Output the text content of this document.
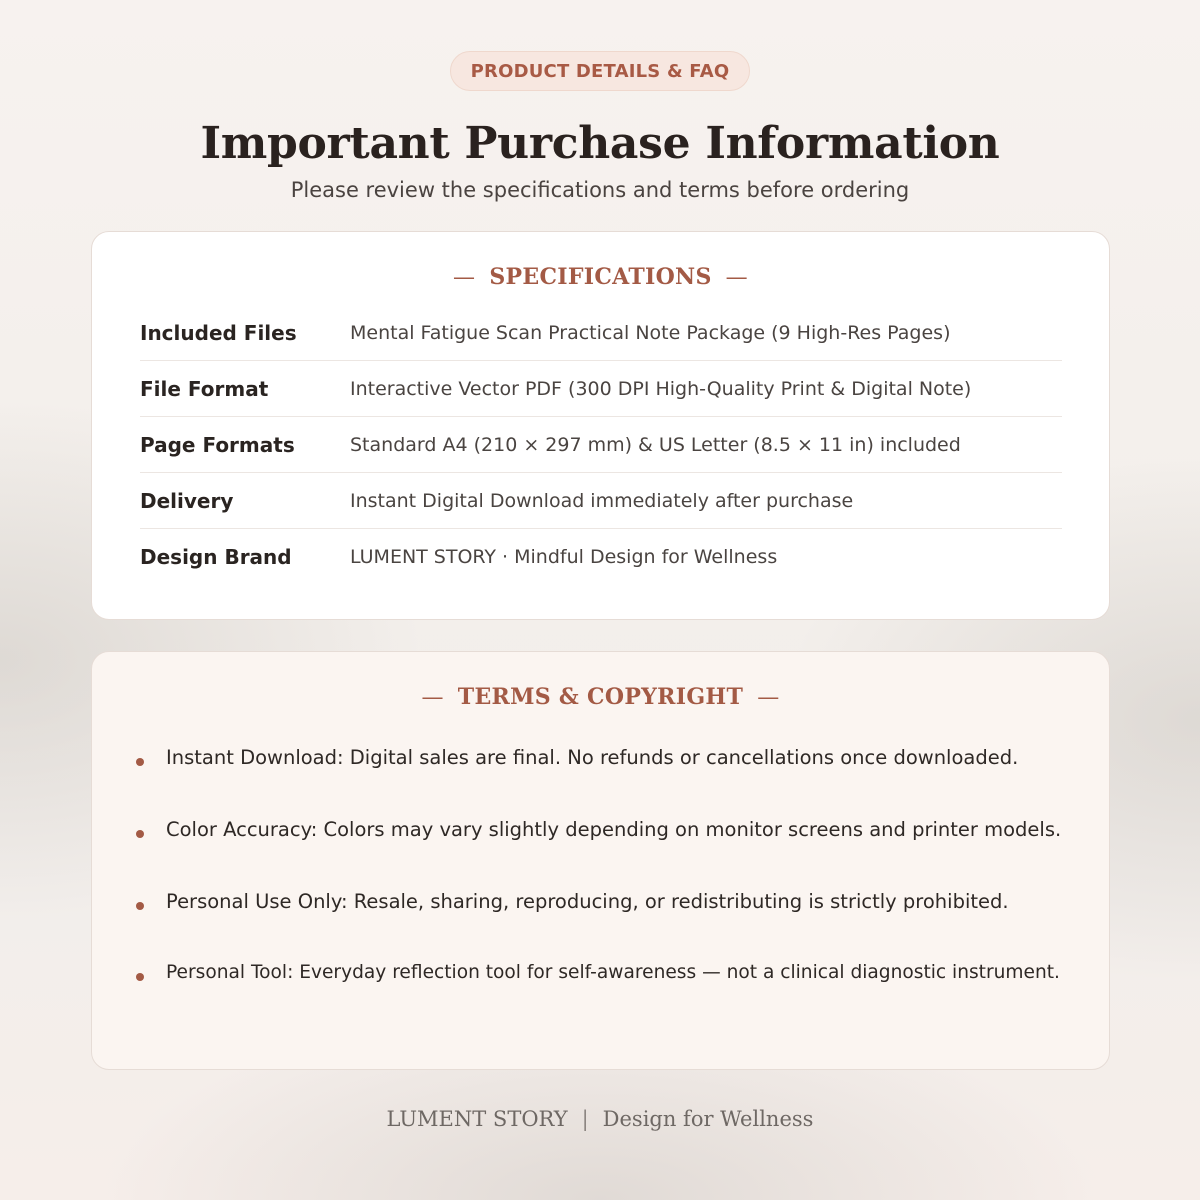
PRODUCT DETAILS & FAQ
Important Purchase Information
Please review the specifications and terms before ordering
— SPECIFICATIONS —
Included Files	Mental Fatigue Scan Practical Note Package (9 High-Res Pages)
File Format	Interactive Vector PDF (300 DPI High-Quality Print & Digital Note)
Page Formats	Standard A4 (210 × 297 mm) & US Letter (8.5 × 11 in) included
Delivery	Instant Digital Download immediately after purchase
Design Brand	LUMENT STORY · Mindful Design for Wellness
— TERMS & COPYRIGHT —
Instant Download: Digital sales are final. No refunds or cancellations once downloaded.
Color Accuracy: Colors may vary slightly depending on monitor screens and printer models.
Personal Use Only: Resale, sharing, reproducing, or redistributing is strictly prohibited.
Personal Tool: Everyday reflection tool for self-awareness — not a clinical diagnostic instrument.
LUMENT STORY | Design for Wellness
